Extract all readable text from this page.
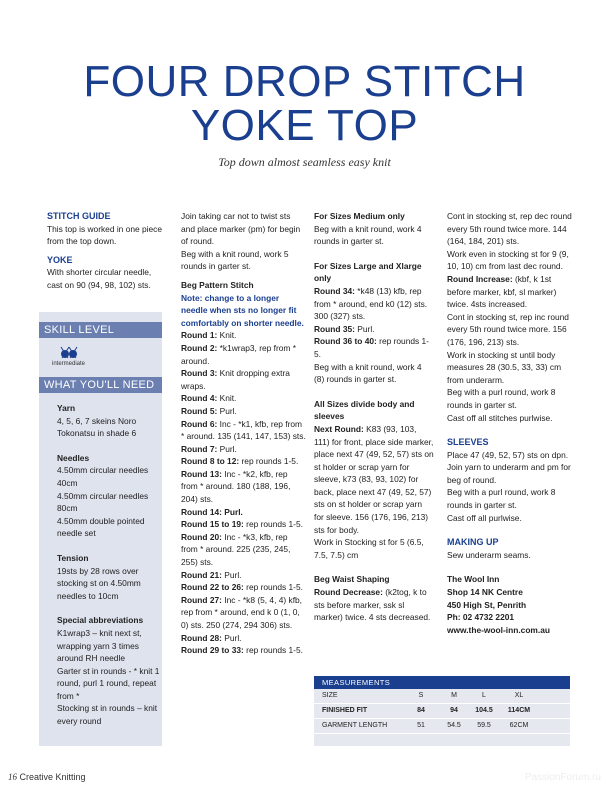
FOUR DROP STITCH
YOKE TOP
Top down almost seamless easy knit

STITCH GUIDE

This top is worked in one piece from the top down.

YOKE

With shorter circular needle, cast on 90 (94, 98, 102) sts.

SKILL LEVEL
intermediate
WHAT YOU'LL NEED

Yarn

4, 5, 6, 7 skeins Noro Tokonatsu in shade 6

Needles

4.50mm circular needles 40cm

4.50mm circular needles 80cm

4.50mm double pointed needle set

Tension

19sts by 28 rows over stocking st on 4.50mm needles to 10cm

Special abbreviations

K1wrap3 – knit next st, wrapping yarn 3 times around RH needle

Garter st in rounds - * knit 1 round, purl 1 round, repeat from *

Stocking st in rounds – knit every round

Join taking car not to twist sts and place marker (pm) for begin of round.

Beg with a knit round, work 5 rounds in garter st.

Beg Pattern Stitch

Note: change to a longer needle when sts no longer fit comfortably on shorter needle.

Round 1: Knit.

Round 2: *k1wrap3, rep from * around.

Round 3: Knit dropping extra wraps.

Round 4: Knit.

Round 5: Purl.

Round 6: Inc - *k1, kfb, rep from * around. 135 (141, 147, 153) sts.

Round 7: Purl.

Round 8 to 12: rep rounds 1-5.

Round 13: Inc - *k2, kfb, rep from * around. 180 (188, 196, 204) sts.

Round 14: Purl.

Round 15 to 19: rep rounds 1-5.

Round 20: Inc - *k3, kfb, rep from * around. 225 (235, 245, 255) sts.

Round 21: Purl.

Round 22 to 26: rep rounds 1-5.

Round 27: Inc - *k8 (5, 4, 4) kfb, rep from * around, end k 0 (1, 0, 0) sts. 250 (274, 294 306) sts.

Round 28: Purl.

Round 29 to 33: rep rounds 1-5.

For Sizes Medium only

Beg with a knit round, work 4 rounds in garter st.

For Sizes Large and Xlarge only

Round 34: *k48 (13) kfb, rep from * around, end k0 (12) sts. 300 (327) sts.

Round 35: Purl.

Round 36 to 40: rep rounds 1-5.

Beg with a knit round, work 4 (8) rounds in garter st.

All Sizes divide body and sleeves

Next Round: K83 (93, 103, 111) for front, place side marker, place next 47 (49, 52, 57) sts on st holder or scrap yarn for sleeve, k73 (83, 93, 102) for back, place next 47 (49, 52, 57) sts on st holder or scrap yarn for sleeve. 156 (176, 196, 213) sts for body.

Work in Stocking st for 5 (6.5, 7.5, 7.5) cm

Beg Waist Shaping

Round Decrease: (k2tog, k to sts before marker, ssk sl marker) twice. 4 sts decreased.

Cont in stocking st, rep dec round every 5th round twice more. 144 (164, 184, 201) sts.

Work even in stocking st for 9 (9, 10, 10) cm from last dec round.

Round Increase: (kbf, k 1st before marker, kbf, sl marker) twice. 4sts increased.

Cont in stocking st, rep inc round every 5th round twice more. 156 (176, 196, 213) sts.

Work in stocking st until body measures 28 (30.5, 33, 33) cm from underarm.

Beg with a purl round, work 8 rounds in garter st.

Cast off all stitches purlwise.

SLEEVES

Place 47 (49, 52, 57) sts on dpn. Join yarn to underarm and pm for beg of round.

Beg with a purl round, work 8 rounds in garter st.

Cast off all purlwise.

MAKING UP

Sew underarm seams.

The Wool Inn

Shop 14 NK Centre

450 High St, Penrith

Ph: 02 4732 2201

www.the-wool-inn.com.au

MEASUREMENTS
SIZE	S	M	L	XL
FINISHED FIT	84	94	104.5	114CM
GARMENT LENGTH	51	54.5	59.5	62CM
16 Creative Knitting	PassionForum.ru
